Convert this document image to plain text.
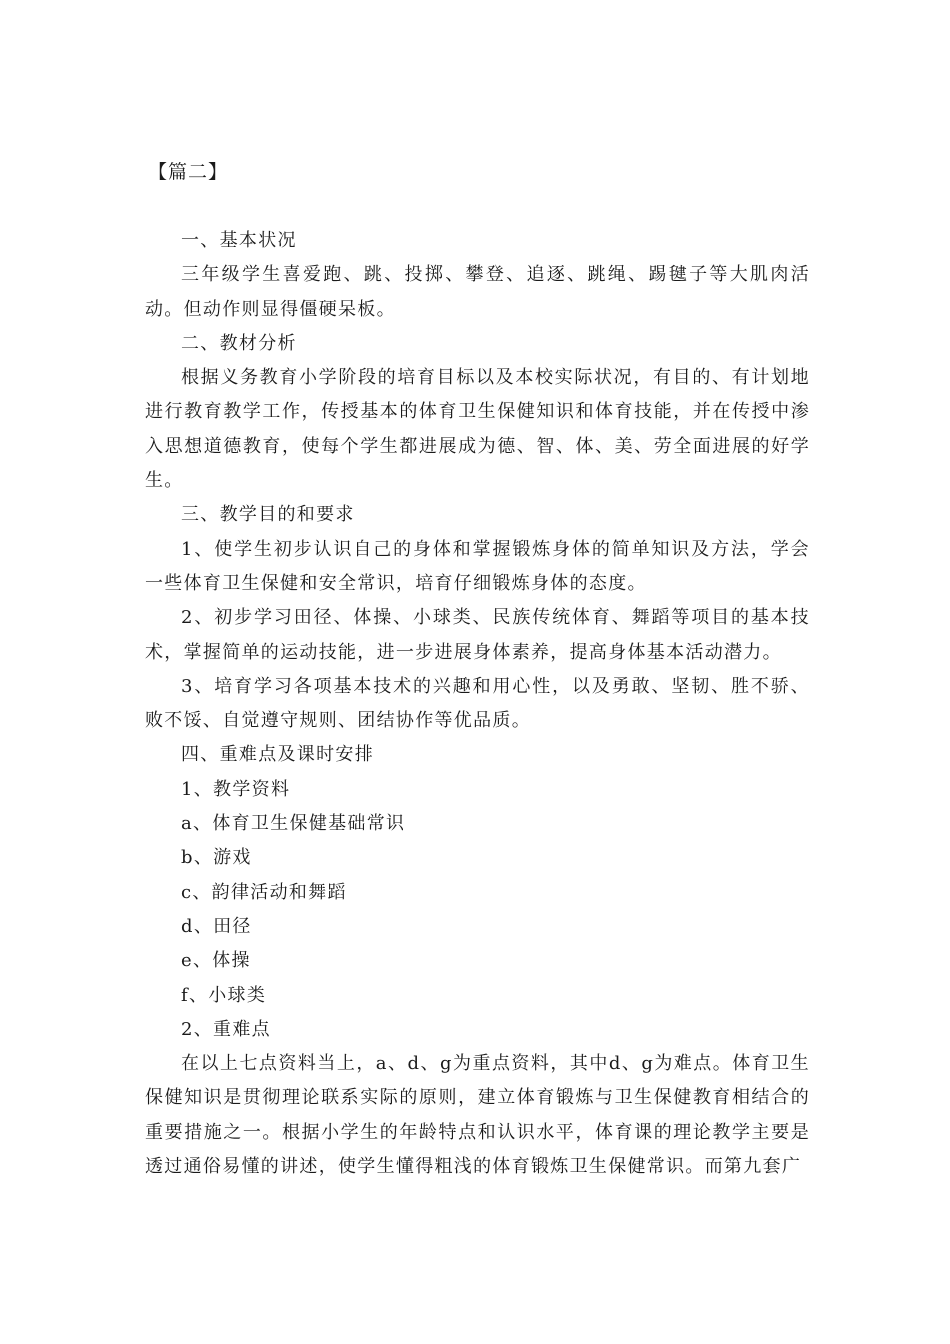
【篇二】

一、基本状况

三年级学生喜爱跑、跳、投掷、攀登、追逐、跳绳、踢毽子等大肌肉活动。但动作则显得僵硬呆板。

二、教材分析

根据义务教育小学阶段的培育目标以及本校实际状况，有目的、有计划地进行教育教学工作，传授基本的体育卫生保健知识和体育技能，并在传授中渗入思想道德教育，使每个学生都进展成为德、智、体、美、劳全面进展的好学生。

三、教学目的和要求

1、使学生初步认识自己的身体和掌握锻炼身体的简单知识及方法，学会一些体育卫生保健和安全常识，培育仔细锻炼身体的态度。

2、初步学习田径、体操、小球类、民族传统体育、舞蹈等项目的基本技术，掌握简单的运动技能，进一步进展身体素养，提高身体基本活动潜力。

3、培育学习各项基本技术的兴趣和用心性，以及勇敢、坚韧、胜不骄、败不馁、自觉遵守规则、团结协作等优品质。

四、重难点及课时安排

1、教学资料

a、体育卫生保健基础常识

b、游戏

c、韵律活动和舞蹈

d、田径

e、体操

f、小球类

2、重难点

在以上七点资料当上，a、d、g为重点资料，其中d、g为难点。体育卫生保健知识是贯彻理论联系实际的原则，建立体育锻炼与卫生保健教育相结合的重要措施之一。根据小学生的年龄特点和认识水平，体育课的理论教学主要是透过通俗易懂的讲述，使学生懂得粗浅的体育锻炼卫生保健常识。而第九套广
